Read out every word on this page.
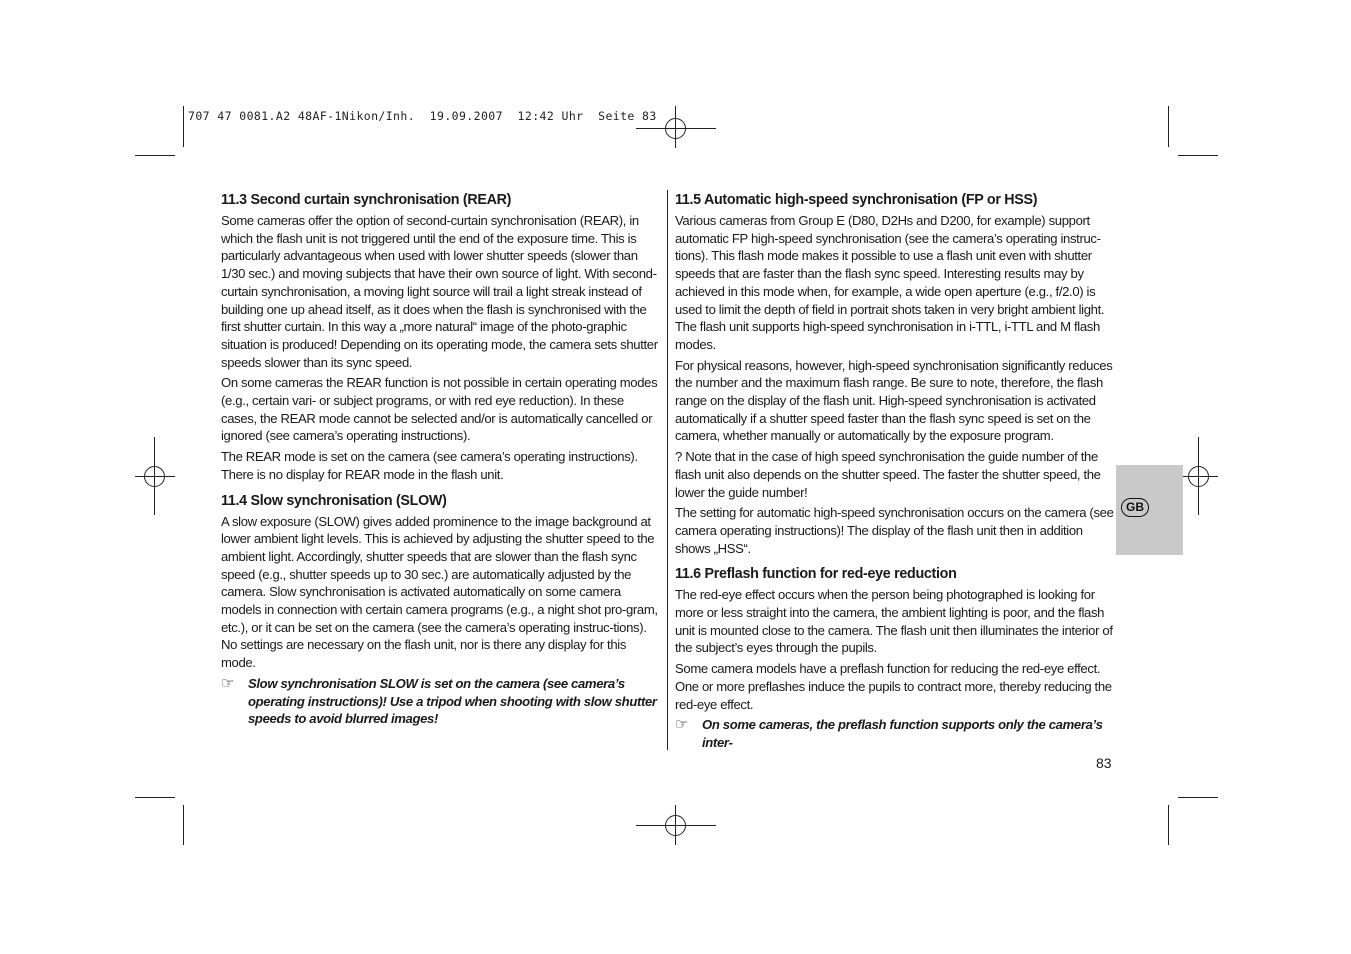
707 47 0081.A2 48AF-1Nikon/Inh.  19.09.2007  12:42 Uhr  Seite 83
11.3 Second curtain synchronisation (REAR)

Some cameras offer the option of second-curtain synchronisation (REAR), in which the flash unit is not triggered until the end of the exposure time. This is particularly advantageous when used with lower shutter speeds (slower than 1/30 sec.) and moving subjects that have their own source of light. With second-curtain synchronisation, a moving light source will trail a light streak instead of building one up ahead itself, as it does when the flash is synchronised with the first shutter curtain. In this way a „more natural“ image of the photo-graphic situation is produced! Depending on its operating mode, the camera sets shutter speeds slower than its sync speed.

On some cameras the REAR function is not possible in certain operating modes (e.g., certain vari- or subject programs, or with red eye reduction). In these cases, the REAR mode cannot be selected and/or is automatically cancelled or ignored (see camera’s operating instructions).

The REAR mode is set on the camera (see camera’s operating instructions). There is no display for REAR mode in the flash unit.

11.4 Slow synchronisation (SLOW)

A slow exposure (SLOW) gives added prominence to the image background at lower ambient light levels. This is achieved by adjusting the shutter speed to the ambient light. Accordingly, shutter speeds that are slower than the flash sync speed (e.g., shutter speeds up to 30 sec.) are automatically adjusted by the camera. Slow synchronisation is activated automatically on some camera models in connection with certain camera programs (e.g., a night shot pro-gram, etc.), or it can be set on the camera (see the camera’s operating instruc-tions). No settings are necessary on the flash unit, nor is there any display for this mode.

☞	Slow synchronisation SLOW is set on the camera (see camera’s operating instructions)! Use a tripod when shooting with slow shutter speeds to avoid blurred images!
11.5 Automatic high-speed synchronisation (FP or HSS)

Various cameras from Group E (D80, D2Hs and D200, for example) support automatic FP high-speed synchronisation (see the camera’s operating instruc-tions). This flash mode makes it possible to use a flash unit even with shutter speeds that are faster than the flash sync speed. Interesting results may by achieved in this mode when, for example, a wide open aperture (e.g., f/2.0) is used to limit the depth of field in portrait shots taken in very bright ambient light. The flash unit supports high-speed synchronisation in i-TTL, i-TTL and M flash modes.

For physical reasons, however, high-speed synchronisation significantly reduces the number and the maximum flash range. Be sure to note, therefore, the flash range on the display of the flash unit. High-speed synchronisation is activated automatically if a shutter speed faster than the flash sync speed is set on the camera, whether manually or automatically by the exposure program.

? Note that in the case of high speed synchronisation the guide number of the flash unit also depends on the shutter speed. The faster the shutter speed, the lower the guide number!

The setting for automatic high-speed synchronisation occurs on the camera (see camera operating instructions)! The display of the flash unit then in addition shows „HSS“.

11.6 Preflash function for red-eye reduction

The red-eye effect occurs when the person being photographed is looking for more or less straight into the camera, the ambient lighting is poor, and the flash unit is mounted close to the camera. The flash unit then illuminates the interior of the subject’s eyes through the pupils.

Some camera models have a preflash function for reducing the red-eye effect. One or more preflashes induce the pupils to contract more, thereby reducing the red-eye effect.

☞	On some cameras, the preflash function supports only the camera’s inter-
GB
83
